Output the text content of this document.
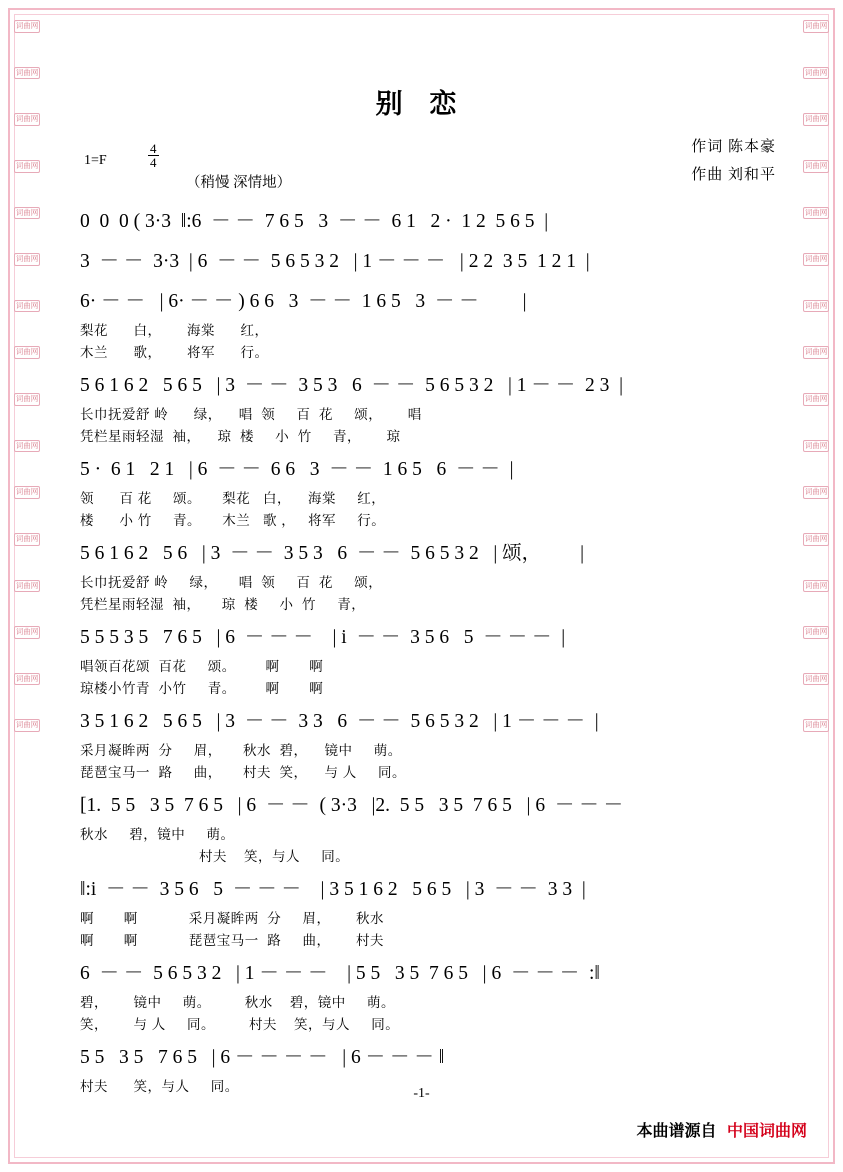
词曲网
词曲网
词曲网
词曲网
词曲网
词曲网
词曲网
词曲网
词曲网
词曲网
词曲网
词曲网
词曲网
词曲网
词曲网
词曲网
词曲网
词曲网
词曲网
词曲网
词曲网
词曲网
词曲网
词曲网
词曲网
词曲网
词曲网
词曲网
词曲网
词曲网
词曲网
词曲网
别 恋
1=F	$\frac{4}{4}$
（稍慢 深情地）
作词 陈本豪
作曲 刘和平
0  0  0 ( 3·3  ‖:6  － －  7 6 5   3  － －  6 1   2 ·  1 2  5 6 5  |
3  － －  3·3  | 6  － －  5 6 5 3 2   | 1 － － －   | 2 2  3 5  1 2 1  |
6· － －   | 6· － － ) 6 6   3  － －  1 6 5   3  － －         |
梨花      白，      海棠      红，
木兰      歌，      将军      行。
5 6 1 6 2   5 6 5   | 3  － －  3 5 3   6  － －  5 6 5 3 2   | 1 － －  2 3  |
长巾抚爱舒 岭      绿，    唱  领     百  花     颂，      唱
凭栏星雨轻湿  袖，    琼  楼     小  竹     青，      琼
5 ·  6 1   2 1   | 6  － －  6 6   3  － －  1 6 5   6  － －  |
领      百 花     颂。     梨花   白，    海棠     红，
楼      小 竹     青。     木兰   歌 ，   将军     行。
5 6 1 6 2   5 6   | 3  － －  3 5 3   6  － －  5 6 5 3 2   | 颂，        |
长巾抚爱舒 岭     绿，     唱  领     百  花     颂，
凭栏星雨轻湿  袖，     琼  楼     小  竹     青，
5 5 5 3 5   7 6 5   | 6  － － －    | i  － －  3 5 6   5  － － －  |
唱领百花颂  百花     颂。       啊       啊
琼楼小竹青  小竹     青。       啊       啊
3 5 1 6 2   5 6 5   | 3  － －  3 3   6  － －  5 6 5 3 2   | 1 － － －  |
采月凝眸两  分     眉，     秋水  碧，    镜中     萌。
琵琶宝马一  路     曲，     村夫  笑，    与 人     同。
[1.  5 5   3 5  7 6 5   | 6  － －  ( 3·3   |2.  5 5   3 5  7 6 5   | 6  － － －
秋水     碧，镜中     萌。
村夫    笑，与人     同。
‖:i  － －  3 5 6   5  － － －    | 3 5 1 6 2   5 6 5   | 3  － －  3 3  |
啊       啊            采月凝眸两  分     眉，      秋水
啊       啊            琵琶宝马一  路     曲，      村夫
6  － －  5 6 5 3 2   | 1 － － －    | 5 5   3 5  7 6 5   | 6  － － －  :‖
碧，      镜中     萌。        秋水    碧，镜中     萌。
笑，      与 人     同。        村夫    笑，与人     同。
5 5   3 5   7 6 5   | 6 － － － －   | 6 － － － ‖
村夫      笑，与人     同。	-1-
本曲谱源自 中国词曲网
